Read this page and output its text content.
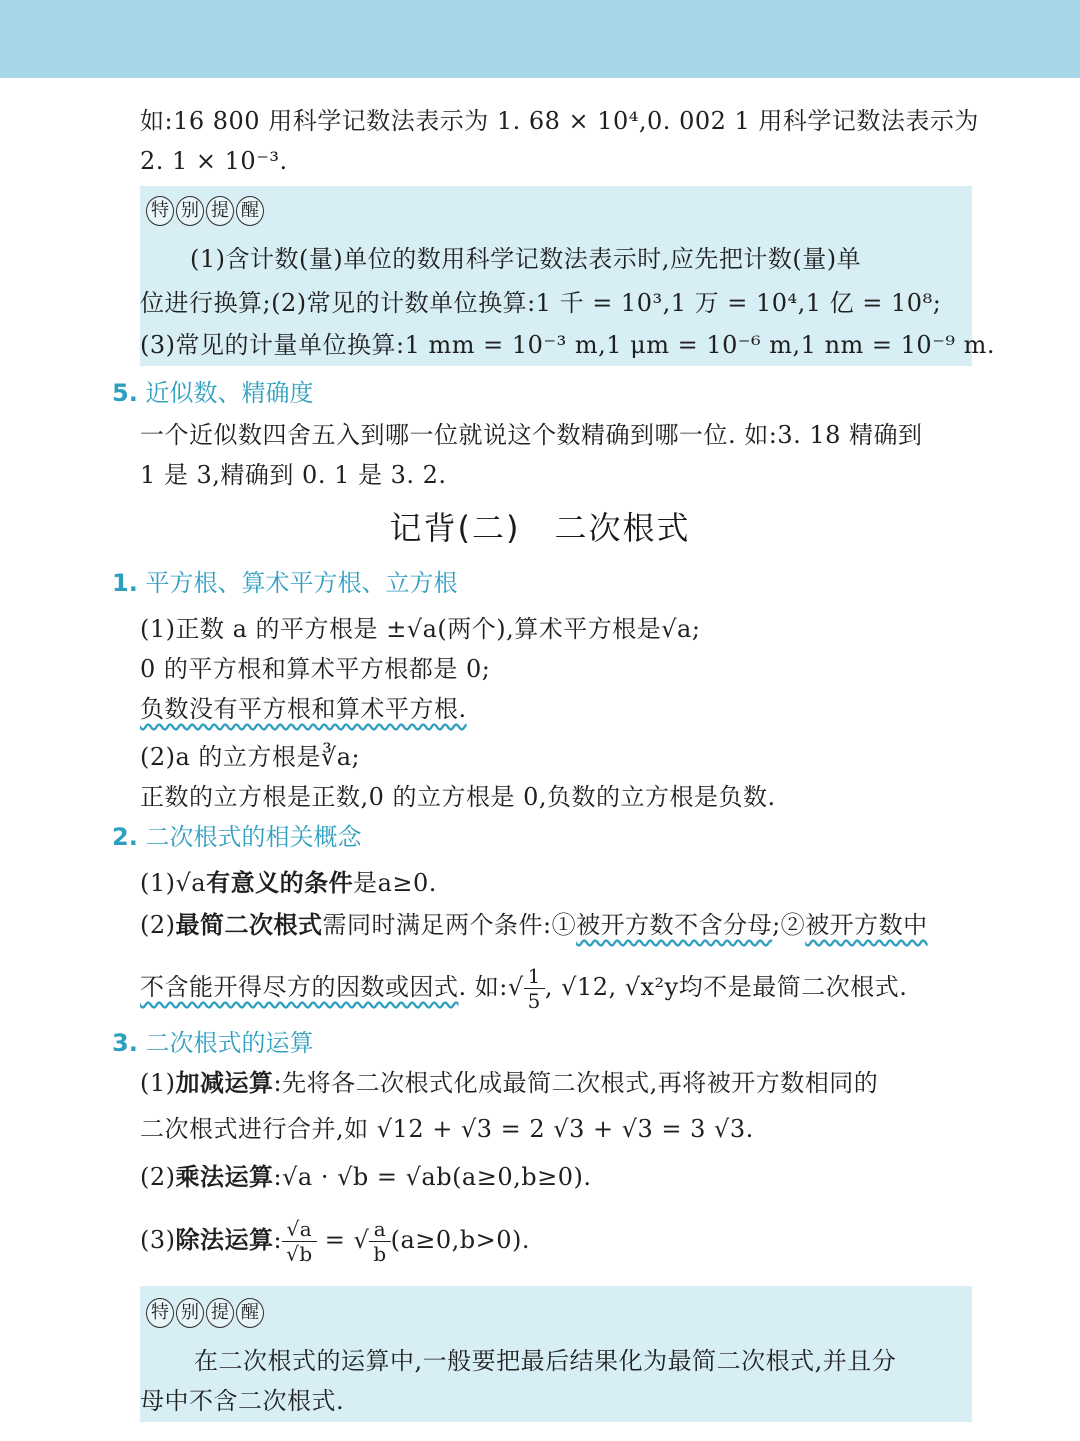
如:16 800 用科学记数法表示为 1. 68 × 10⁴,0. 002 1 用科学记数法表示为
2. 1 × 10⁻³.
特 别 提 醒
(1)含计数(量)单位的数用科学记数法表示时,应先把计数(量)单
位进行换算;(2)常见的计数单位换算:1 千 = 10³,1 万 = 10⁴,1 亿 = 10⁸;
(3)常见的计量单位换算:1 mm = 10⁻³ m,1 μm = 10⁻⁶ m,1 nm = 10⁻⁹ m.
5. 近似数、精确度
一个近似数四舍五入到哪一位就说这个数精确到哪一位. 如:3. 18 精确到
1 是 3,精确到 0. 1 是 3. 2.
记背(二)　二次根式
1. 平方根、算术平方根、立方根
(1)正数 a 的平方根是 ±√a(两个),算术平方根是√a;
0 的平方根和算术平方根都是 0;
负数没有平方根和算术平方根.
(2)a 的立方根是∛a;
正数的立方根是正数,0 的立方根是 0,负数的立方根是负数.
2. 二次根式的相关概念
(1)√a有意义的条件是a≥0.
(2)最简二次根式需同时满足两个条件:①被开方数不含分母;②被开方数中
不含能开得尽方的因数或因式. 如:√ $\frac{1}{5}$ , √12, √x²y均不是最简二次根式.
3. 二次根式的运算
(1)加减运算:先将各二次根式化成最简二次根式,再将被开方数相同的
二次根式进行合并,如 √12 + √3 = 2 √3 + √3 = 3 √3.
(2)乘法运算:√a · √b = √ab(a≥0,b≥0).
(3)除法运算: $\frac{√a}{√b}$ = √ $\frac{a}{b} (a\ge 0,b>0)$.
特 别 提 醒
在二次根式的运算中,一般要把最后结果化为最简二次根式,并且分
母中不含二次根式.
